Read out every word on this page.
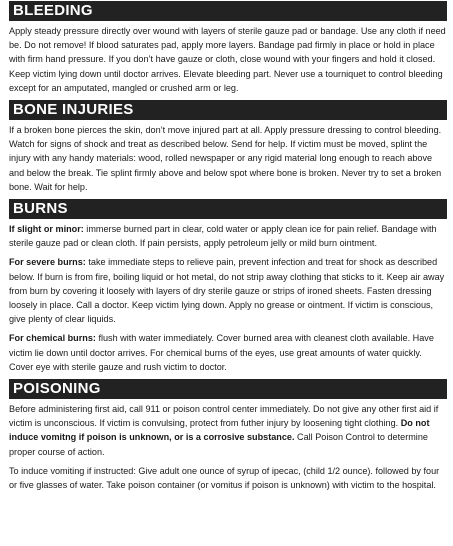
BLEEDING

Apply steady pressure directly over wound with layers of sterile gauze pad or bandage. Use any cloth if need be. Do not remove! If blood saturates pad, apply more layers. Bandage pad firmly in place or hold in place with firm hand pressure. If you don’t have gauze or cloth, close wound with your fingers and hold it closed. Keep victim lying down until doctor arrives. Elevate bleeding part. Never use a tourniquet to control bleeding except for an amputated, mangled or crushed arm or leg.

BONE INJURIES

If a broken bone pierces the skin, don’t move injured part at all. Apply pressure dressing to control bleeding. Watch for signs of shock and treat as described below. Send for help. If victim must be moved, splint the injury with any handy materials: wood, rolled newspaper or any rigid material long enough to reach above and below the break. Tie splint firmly above and below spot where bone is broken. Never try to set a broken bone. Wait for help.

BURNS

If slight or minor: immerse burned part in clear, cold water or apply clean ice for pain relief. Bandage with sterile gauze pad or clean cloth. If pain persists, apply petroleum jelly or mild burn ointment.

For severe burns: take immediate steps to relieve pain, prevent infection and treat for shock as described below. If burn is from fire, boiling liquid or hot metal, do not strip away clothing that sticks to it. Keep air away from burn by covering it loosely with layers of dry sterile gauze or strips of ironed sheets. Fasten dressing loosely in place. Call a doctor. Keep victim lying down. Apply no grease or ointment. If victim is conscious, give plenty of clear liquids.

For chemical burns: flush with water immediately. Cover burned area with cleanest cloth available. Have victim lie down until doctor arrives. For chemical burns of the eyes, use great amounts of water quickly. Cover eye with sterile gauze and rush victim to doctor.

POISONING

Before administering first aid, call 911 or poison control center immediately. Do not give any other first aid if victim is unconscious. If victim is convulsing, protect from futher injury by loosening tight clothing. Do not induce vomitng if poison is unknown, or is a corrosive substance. Call Poison Control to determine proper course of action.

To induce vomiting if instructed: Give adult one ounce of syrup of ipecac, (child 1/2 ounce). followed by four or five glasses of water. Take poison container (or vomitus if poison is unknown) with victim to the hospital.
